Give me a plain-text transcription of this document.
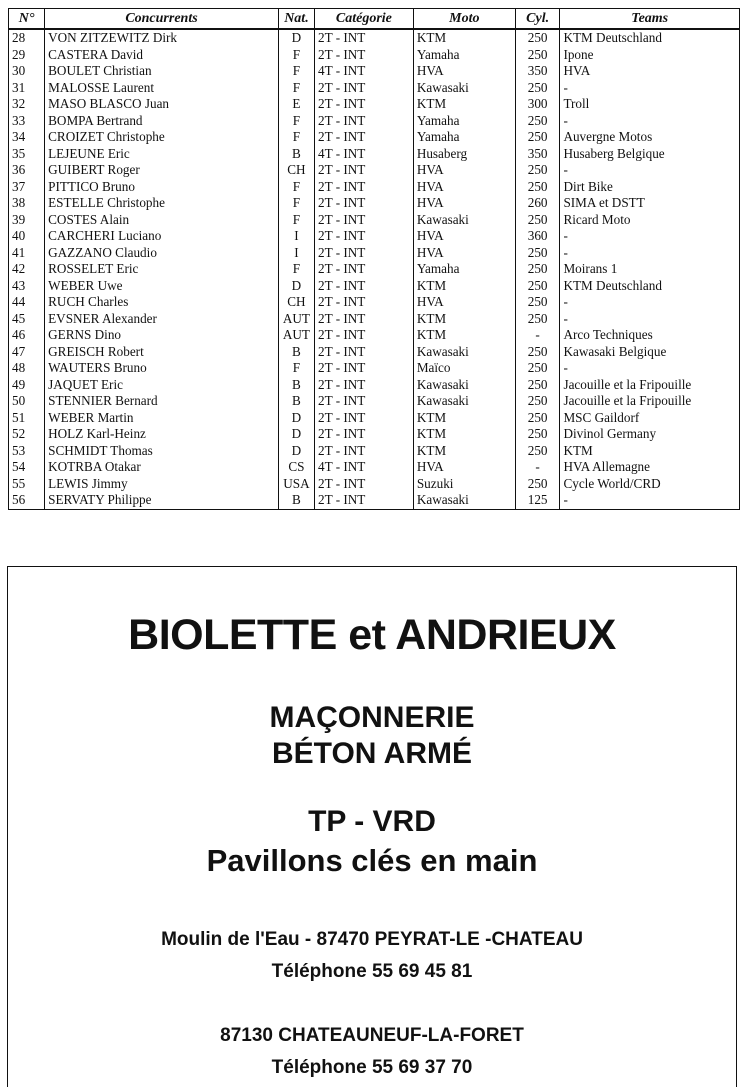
N°	Concurrents	Nat.	Catégorie	Moto	Cyl.	Teams
28	VON ZITZEWITZ Dirk	D	2T - INT	KTM	250	KTM Deutschland
29	CASTERA David	F	2T - INT	Yamaha	250	Ipone
30	BOULET Christian	F	4T - INT	HVA	350	HVA
31	MALOSSE Laurent	F	2T - INT	Kawasaki	250	-
32	MASO BLASCO Juan	E	2T - INT	KTM	300	Troll
33	BOMPA Bertrand	F	2T - INT	Yamaha	250	-
34	CROIZET Christophe	F	2T - INT	Yamaha	250	Auvergne Motos
35	LEJEUNE Eric	B	4T - INT	Husaberg	350	Husaberg Belgique
36	GUIBERT Roger	CH	2T - INT	HVA	250	-
37	PITTICO Bruno	F	2T - INT	HVA	250	Dirt Bike
38	ESTELLE Christophe	F	2T - INT	HVA	260	SIMA et DSTT
39	COSTES Alain	F	2T - INT	Kawasaki	250	Ricard Moto
40	CARCHERI Luciano	I	2T - INT	HVA	360	-
41	GAZZANO Claudio	I	2T - INT	HVA	250	-
42	ROSSELET Eric	F	2T - INT	Yamaha	250	Moirans 1
43	WEBER Uwe	D	2T - INT	KTM	250	KTM Deutschland
44	RUCH Charles	CH	2T - INT	HVA	250	-
45	EVSNER Alexander	AUT	2T - INT	KTM	250	-
46	GERNS Dino	AUT	2T - INT	KTM	-	Arco Techniques
47	GREISCH Robert	B	2T - INT	Kawasaki	250	Kawasaki Belgique
48	WAUTERS Bruno	F	2T - INT	Maïco	250	-
49	JAQUET Eric	B	2T - INT	Kawasaki	250	Jacouille et la Fripouille
50	STENNIER Bernard	B	2T - INT	Kawasaki	250	Jacouille et la Fripouille
51	WEBER Martin	D	2T - INT	KTM	250	MSC Gaildorf
52	HOLZ Karl-Heinz	D	2T - INT	KTM	250	Divinol Germany
53	SCHMIDT Thomas	D	2T - INT	KTM	250	KTM
54	KOTRBA Otakar	CS	4T - INT	HVA	-	HVA Allemagne
55	LEWIS Jimmy	USA	2T - INT	Suzuki	250	Cycle World/CRD
56	SERVATY Philippe	B	2T - INT	Kawasaki	125	-
BIOLETTE et ANDRIEUX
MAÇONNERIE
BÉTON ARMÉ
TP - VRD
Pavillons clés en main
Moulin de l'Eau - 87470 PEYRAT-LE -CHATEAU
Téléphone 55 69 45 81
87130 CHATEAUNEUF-LA-FORET
Téléphone 55 69 37 70
